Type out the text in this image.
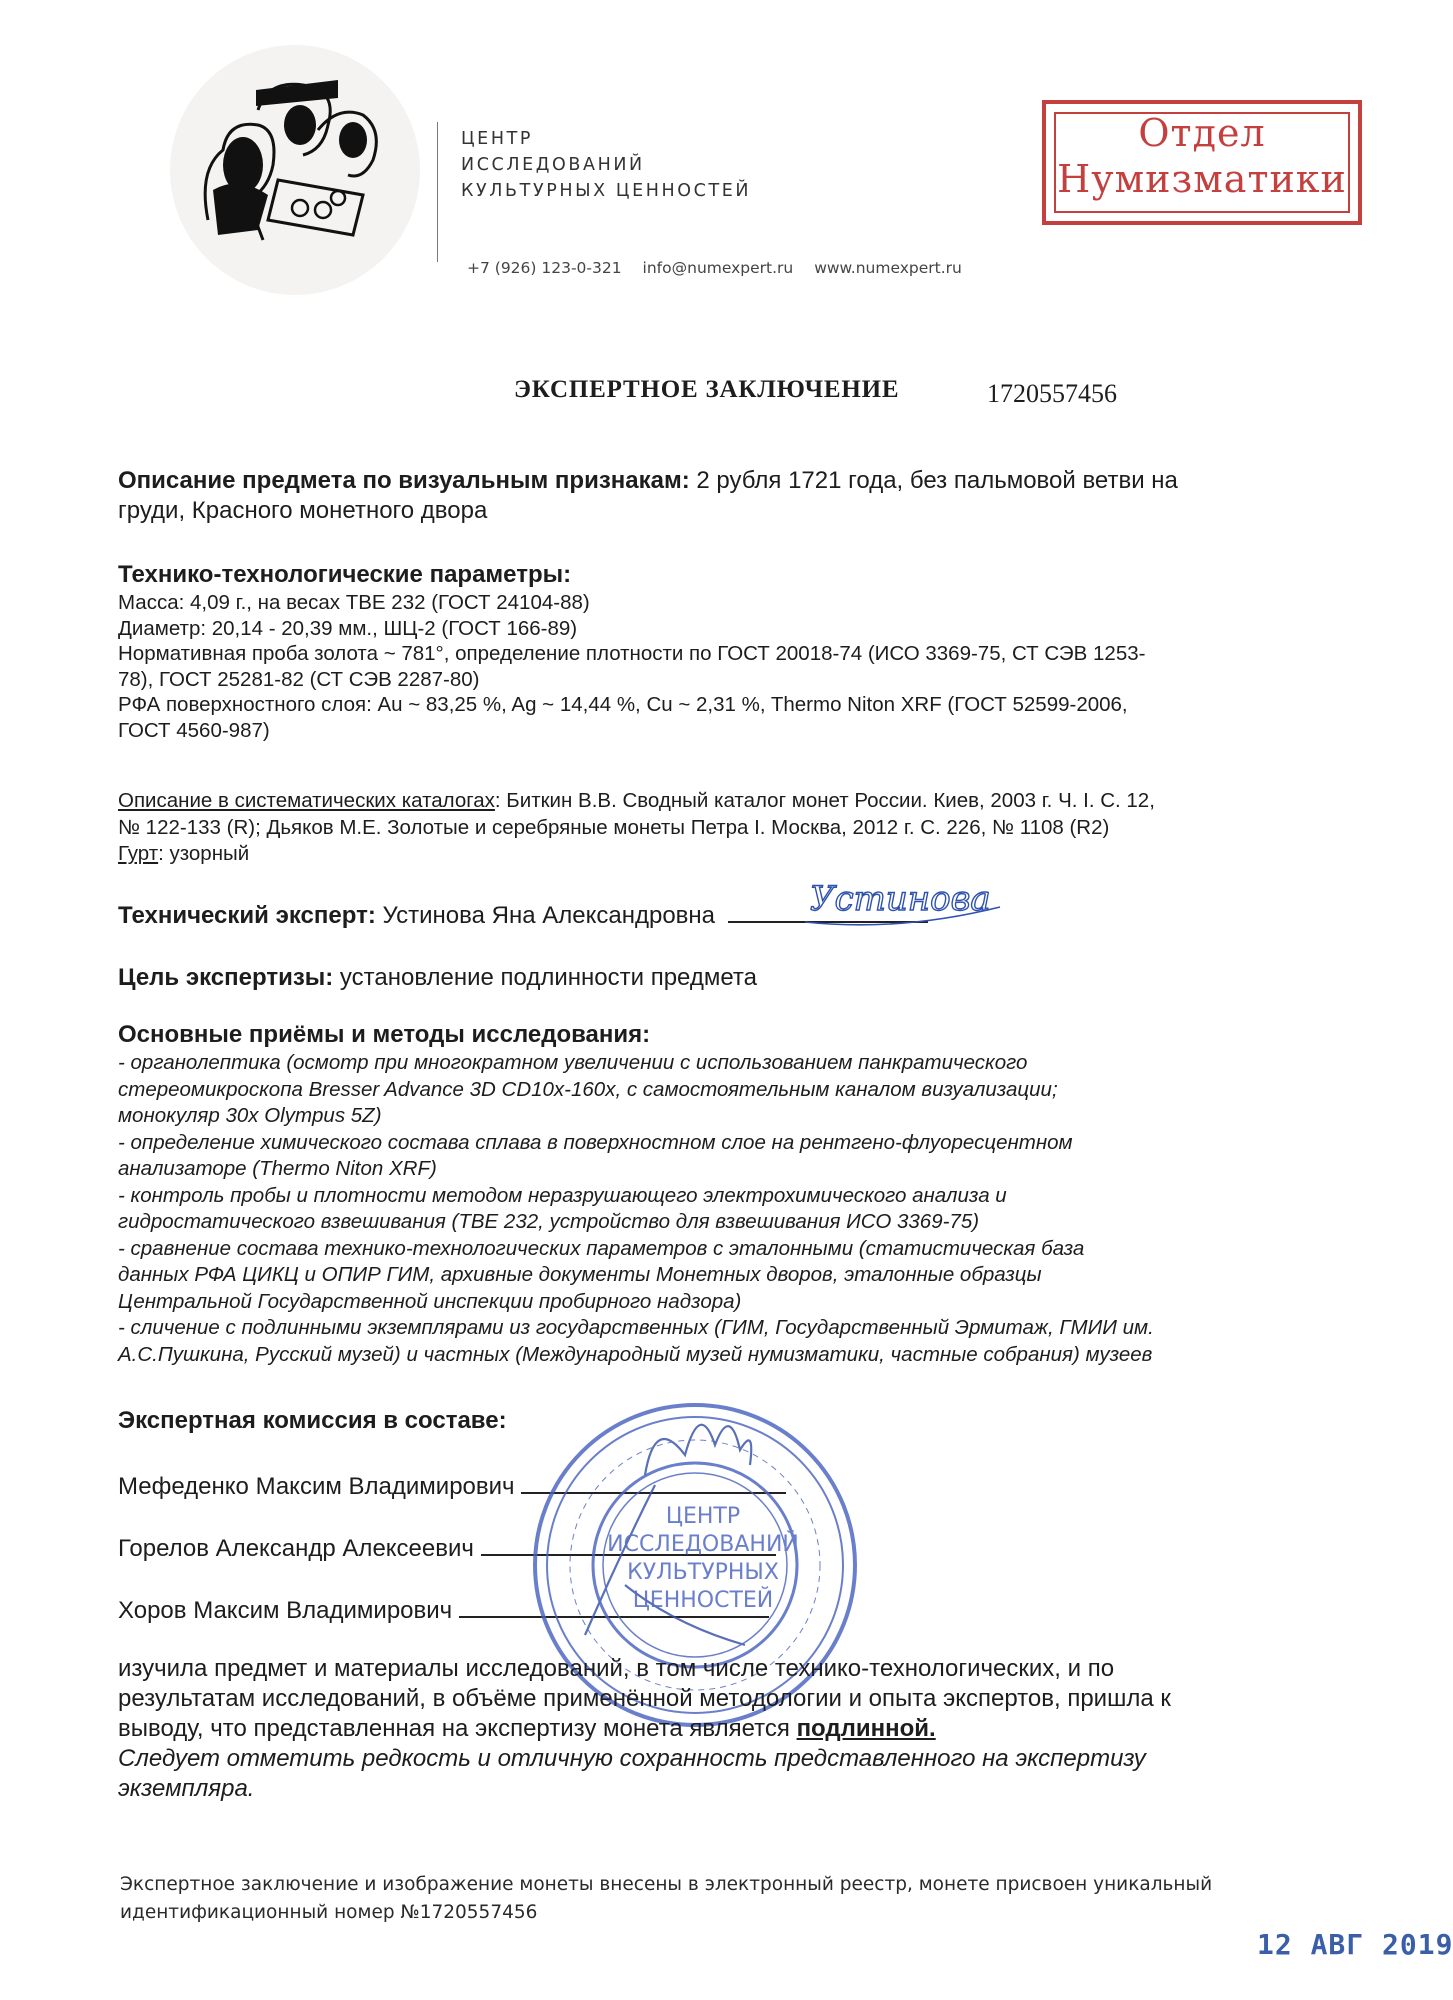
ЦЕНТР
ИССЛЕДОВАНИЙ
КУЛЬТУРНЫХ ЦЕННОСТЕЙ
+7 (926) 123-0-321 info@numexpert.ru www.numexpert.ru
Отдел
Нумизматики
ЭКСПЕРТНОЕ ЗАКЛЮЧЕНИЕ	1720557456
Описание предмета по визуальным признакам: 2 рубля 1721 года, без пальмовой ветви на
груди, Красного монетного двора
Технико-технологические параметры:
Масса: 4,09 г., на весах ТВЕ 232 (ГОСТ 24104-88)
Диаметр: 20,14 - 20,39 мм., ШЦ-2 (ГОСТ 166-89)
Нормативная проба золота ~ 781°, определение плотности по ГОСТ 20018-74 (ИСО 3369-75, СТ СЭВ 1253-
78), ГОСТ 25281-82 (СТ СЭВ 2287-80)
РФА поверхностного слоя: Au ~ 83,25 %, Ag ~ 14,44 %, Cu ~ 2,31 %, Thermo Niton XRF (ГОСТ 52599-2006,
ГОСТ 4560-987)
Описание в систематических каталогах: Биткин В.В. Сводный каталог монет России. Киев, 2003 г. Ч. I. С. 12,
№ 122-133 (R); Дьяков М.Е. Золотые и серебряные монеты Петра I. Москва, 2012 г. С. 226, № 1108 (R2)
Гурт: узорный
Технический эксперт: Устинова Яна Александровна	Устинова
Цель экспертизы: установление подлинности предмета
Основные приёмы и методы исследования:
- органолептика (осмотр при многократном увеличении с использованием панкратического
стереомикроскопа Bresser Advance 3D CD10x-160x, с самостоятельным каналом визуализации;
монокуляр 30x Olympus 5Z)
- определение химического состава сплава в поверхностном слое на рентгено-флуоресцентном
анализаторе (Thermo Niton XRF)
- контроль пробы и плотности методом неразрушающего электрохимического анализа и
гидростатического взвешивания (ТВЕ 232, устройство для взвешивания ИСО 3369-75)
- сравнение состава технико-технологических параметров с эталонными (статистическая база
данных РФА ЦИКЦ и ОПИР ГИМ, архивные документы Монетных дворов, эталонные образцы
Центральной Государственной инспекции пробирного надзора)
- сличение с подлинными экземплярами из государственных (ГИМ, Государственный Эрмитаж, ГМИИ им.
А.С.Пушкина, Русский музей) и частных (Международный музей нумизматики, частные собрания) музеев
Экспертная комиссия в составе:
Мефеденко Максим Владимирович
Горелов Александр Алексеевич
Хоров Максим Владимирович
ЦЕНТР
ИССЛЕДОВАНИЙ
КУЛЬТУРНЫХ
ЦЕННОСТЕЙ
изучила предмет и материалы исследований, в том числе технико-технологических, и по
результатам исследований, в объёме применённой методологии и опыта экспертов, пришла к
выводу, что представленная на экспертизу монета является подлинной.
Следует отметить редкость и отличную сохранность представленного на экспертизу
экземпляра.
Экспертное заключение и изображение монеты внесены в электронный реестр, монете присвоен уникальный
идентификационный номер №1720557456
12 АВГ 2019
